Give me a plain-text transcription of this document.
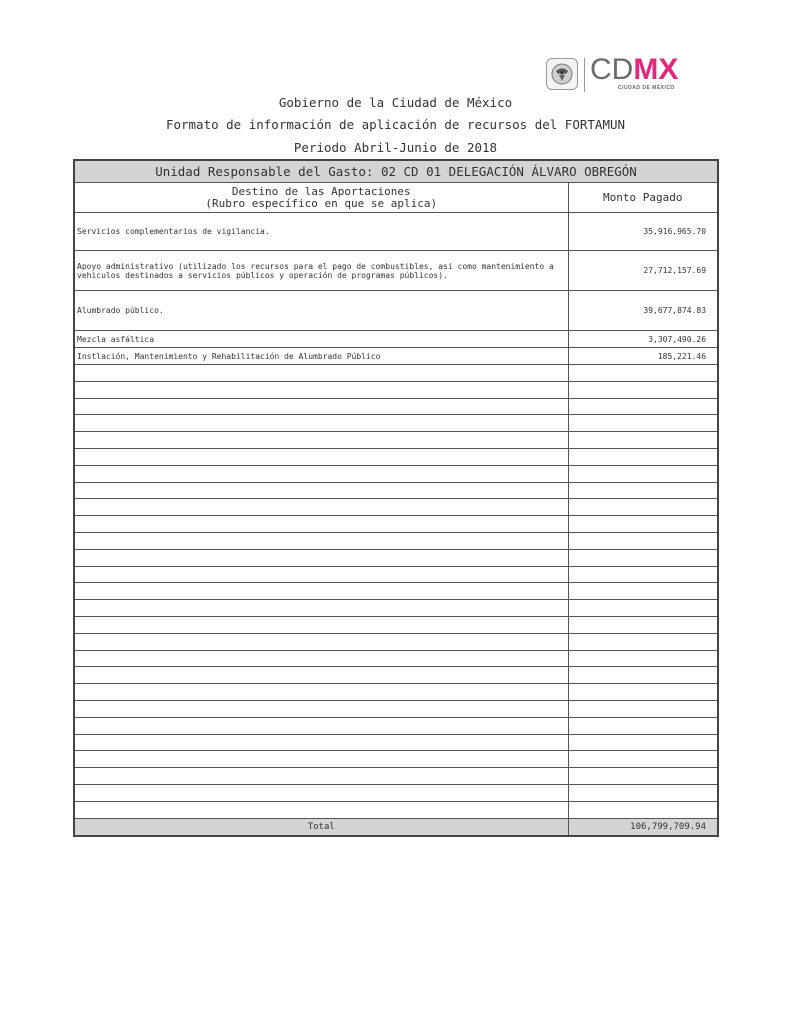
CDMX
CIUDAD DE MÉXICO
Gobierno de la Ciudad de México
Formato de información de aplicación de recursos del FORTAMUN
Periodo Abril-Junio de 2018
Unidad Responsable del Gasto: 02 CD 01 DELEGACIÓN ÁLVARO OBREGÓN	

Destino de las Aportaciones
(Rubro específico en que se aplica)	Monto Pagado
Servicios complementarios de vigilancia.	35,916,965.70
Apoyo administrativo (utilizado los recursos para el pago de combustibles, asi como mantenimiento a vehiculos destinados a servicios públicos y operación de programas públicos).	27,712,157.69
Alumbrado público.	39,677,874.83
Mezcla asfáltica	3,307,490.26
Instlación, Mantenimiento y Rehabilitación de Alumbrado Público	185,221.46

Total	106,799,709.94
